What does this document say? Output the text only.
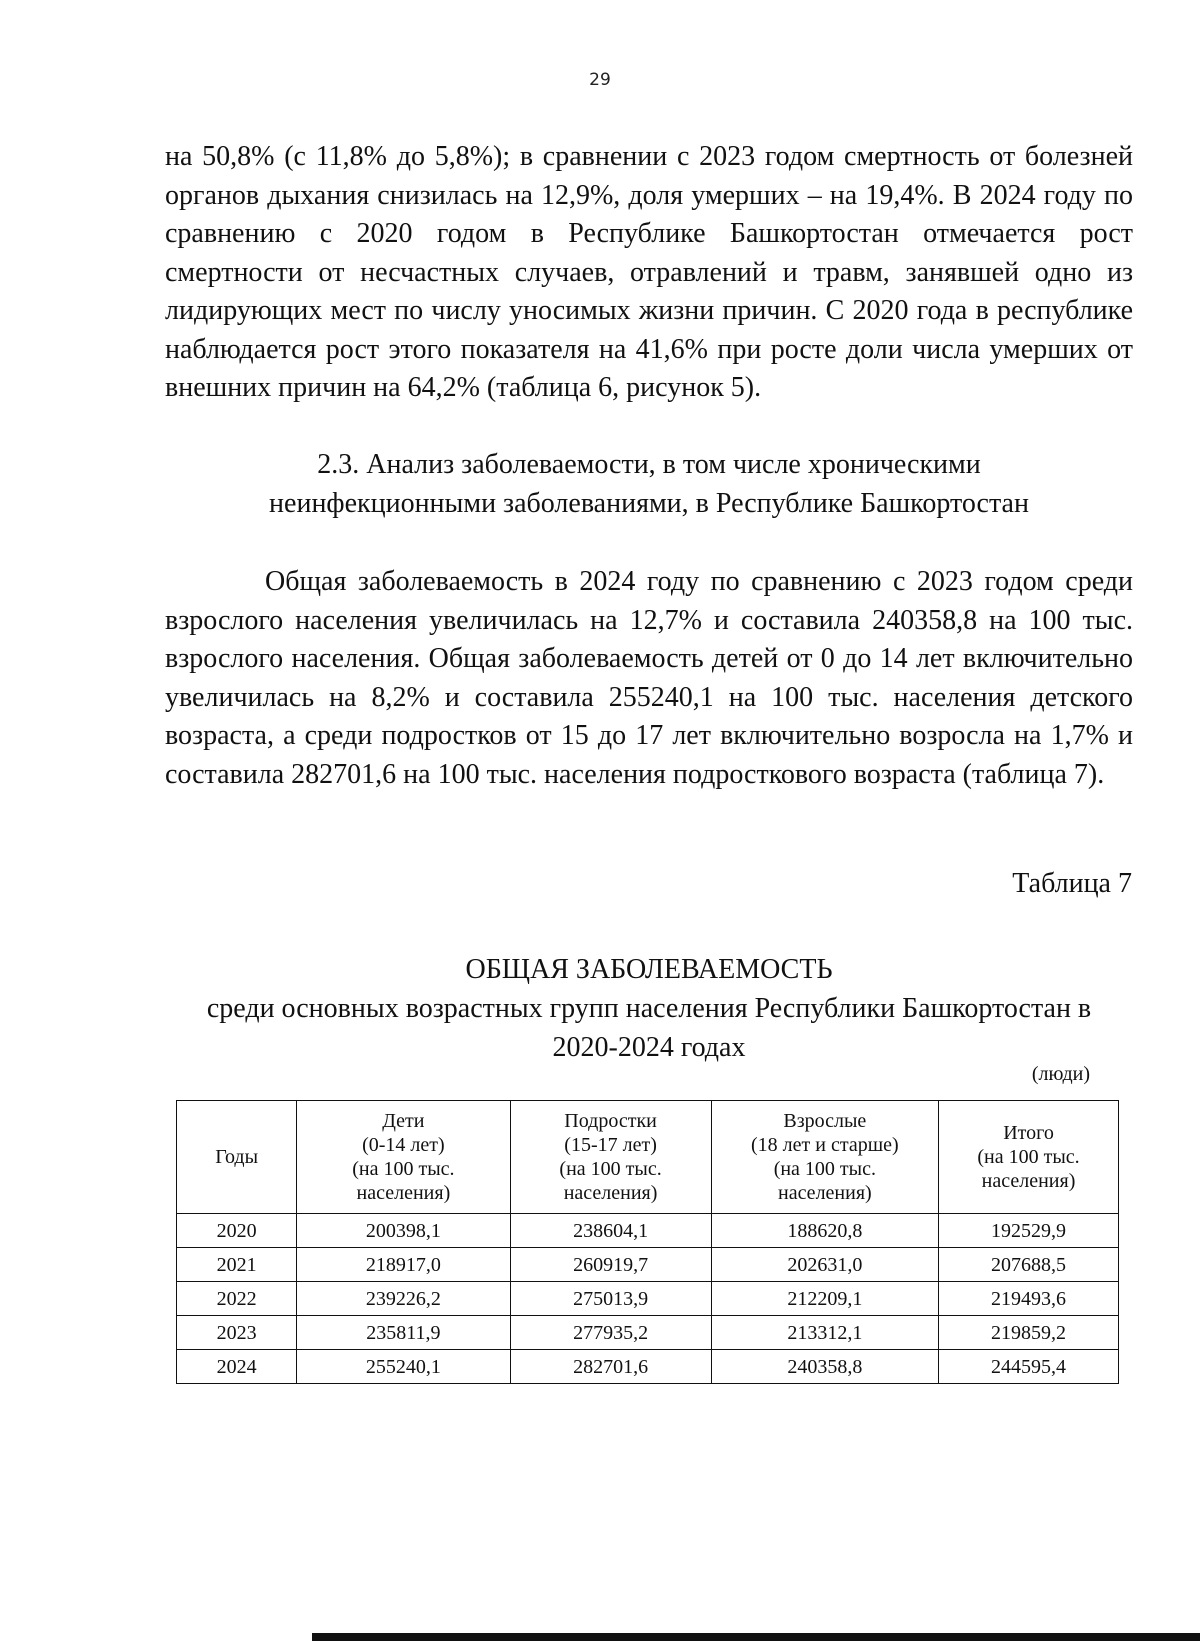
29

на 50,8% (с 11,8% до 5,8%); в сравнении с 2023 годом смертность от болезней органов дыхания снизилась на 12,9%, доля умерших – на 19,4%. В 2024 году по сравнению с 2020 годом в Республике Башкортостан отмечается рост смертности от несчастных случаев, отравлений и травм, занявшей одно из лидирующих мест по числу уносимых жизни причин. С 2020 года в республике наблюдается рост этого показателя на 41,6% при росте доли числа умерших от внешних причин на 64,2% (таблица 6, рисунок 5).

2.3. Анализ заболеваемости, в том числе хроническими
неинфекционными заболеваниями, в Республике Башкортостан

Общая заболеваемость в 2024 году по сравнению с 2023 годом среди взрослого населения увеличилась на 12,7% и составила 240358,8 на 100 тыс. взрослого населения. Общая заболеваемость детей от 0 до 14 лет включительно увеличилась на 8,2% и составила 255240,1 на 100 тыс. населения детского возраста, а среди подростков от 15 до 17 лет включительно возросла на 1,7% и составила 282701,6 на 100 тыс. населения подросткового возраста (таблица 7).

Таблица 7
ОБЩАЯ ЗАБОЛЕВАЕМОСТЬ
среди основных возрастных групп населения Республики Башкортостан в
2020-2024 годах
(люди)
Годы	Дети
(0-14 лет)
(на 100 тыс.
населения)	Подростки
(15-17 лет)
(на 100 тыс.
населения)	Взрослые
(18 лет и старше)
(на 100 тыс.
населения)	Итого
(на 100 тыс.
населения)
2020	200398,1	238604,1	188620,8	192529,9
2021	218917,0	260919,7	202631,0	207688,5
2022	239226,2	275013,9	212209,1	219493,6
2023	235811,9	277935,2	213312,1	219859,2
2024	255240,1	282701,6	240358,8	244595,4
